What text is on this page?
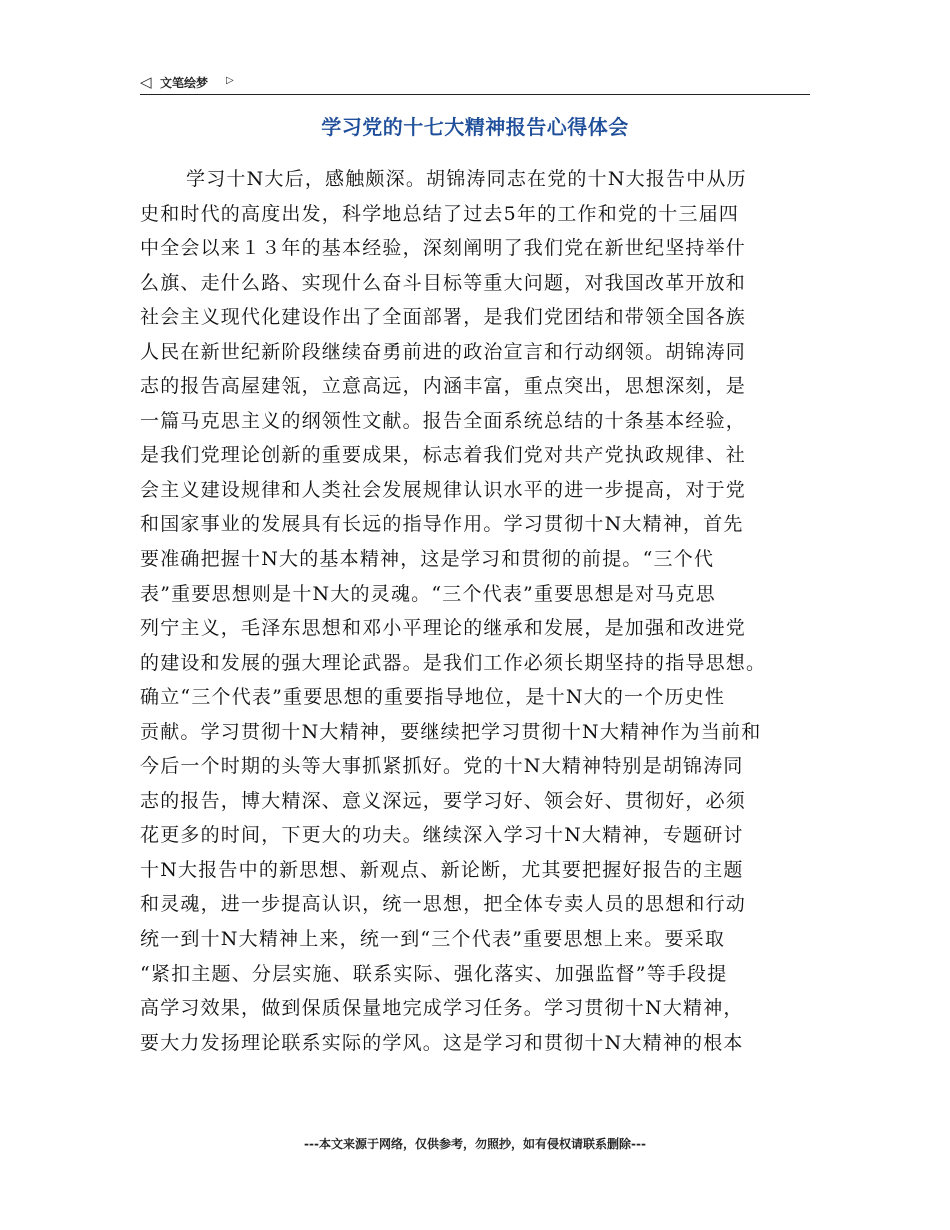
◁ 文笔绘梦 ▷
学习党的十七大精神报告心得体会
学习十N大后，感触颇深。胡锦涛同志在党的十N大报告中从历
史和时代的高度出发，科学地总结了过去5年的工作和党的十三届四
中全会以来１３年的基本经验，深刻阐明了我们党在新世纪坚持举什
么旗、走什么路、实现什么奋斗目标等重大问题，对我国改革开放和
社会主义现代化建设作出了全面部署，是我们党团结和带领全国各族
人民在新世纪新阶段继续奋勇前进的政治宣言和行动纲领。胡锦涛同
志的报告高屋建瓴，立意高远，内涵丰富，重点突出，思想深刻，是
一篇马克思主义的纲领性文献。报告全面系统总结的十条基本经验，
是我们党理论创新的重要成果，标志着我们党对共产党执政规律、社
会主义建设规律和人类社会发展规律认识水平的进一步提高，对于党
和国家事业的发展具有长远的指导作用。学习贯彻十N大精神，首先
要准确把握十N大的基本精神，这是学习和贯彻的前提。“三个代
表”重要思想则是十N大的灵魂。“三个代表”重要思想是对马克思
列宁主义，毛泽东思想和邓小平理论的继承和发展，是加强和改进党
的建设和发展的强大理论武器。是我们工作必须长期坚持的指导思想。
确立“三个代表”重要思想的重要指导地位，是十N大的一个历史性
贡献。学习贯彻十N大精神，要继续把学习贯彻十N大精神作为当前和
今后一个时期的头等大事抓紧抓好。党的十N大精神特别是胡锦涛同
志的报告，博大精深、意义深远，要学习好、领会好、贯彻好，必须
花更多的时间，下更大的功夫。继续深入学习十N大精神，专题研讨
十N大报告中的新思想、新观点、新论断，尤其要把握好报告的主题
和灵魂，进一步提高认识，统一思想，把全体专卖人员的思想和行动
统一到十N大精神上来，统一到“三个代表”重要思想上来。要采取
“紧扣主题、分层实施、联系实际、强化落实、加强监督”等手段提
高学习效果，做到保质保量地完成学习任务。学习贯彻十N大精神，
要大力发扬理论联系实际的学风。这是学习和贯彻十N大精神的根本
---本文来源于网络，仅供参考，勿照抄，如有侵权请联系删除---
